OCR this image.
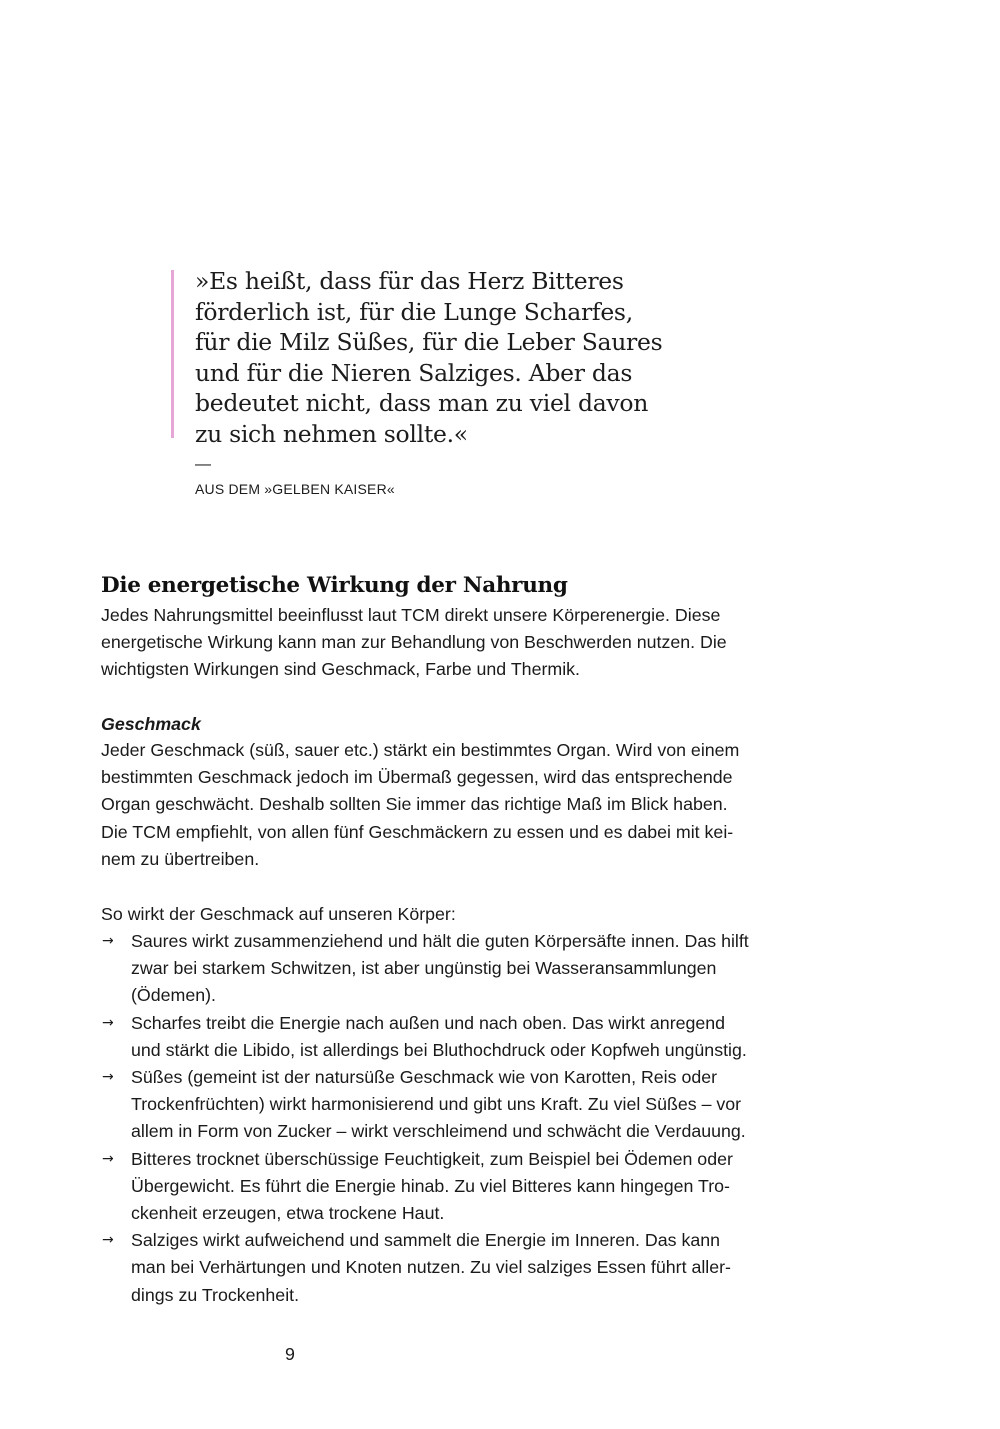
»Es heißt, dass für das Herz Bitteres
förderlich ist, für die Lunge Scharfes,
für die Milz Süßes, für die Leber Saures
und für die Nieren Salziges. Aber das
bedeutet nicht, dass man zu viel davon
zu sich nehmen sollte.«
—
AUS DEM »GELBEN KAISER«
Die energetische Wirkung der Nahrung
Jedes Nahrungsmittel beeinflusst laut TCM direkt unsere Körperenergie. Diese
energetische Wirkung kann man zur Behandlung von Beschwerden nutzen. Die
wichtigsten Wirkungen sind Geschmack, Farbe und Thermik.
Geschmack
Jeder Geschmack (süß, sauer etc.) stärkt ein bestimmtes Organ. Wird von einem
bestimmten Geschmack jedoch im Übermaß gegessen, wird das entsprechende
Organ geschwächt. Deshalb sollten Sie immer das richtige Maß im Blick haben.
Die TCM empfiehlt, von allen fünf Geschmäckern zu essen und es dabei mit kei-
nem zu übertreiben.
So wirkt der Geschmack auf unseren Körper:
→ Saures wirkt zusammenziehend und hält die guten Körpersäfte innen. Das hilft
zwar bei starkem Schwitzen, ist aber ungünstig bei Wasseransammlungen
(Ödemen).
→ Scharfes treibt die Energie nach außen und nach oben. Das wirkt anregend
und stärkt die Libido, ist allerdings bei Bluthochdruck oder Kopfweh ungünstig.
→ Süßes (gemeint ist der natursüße Geschmack wie von Karotten, Reis oder
Trockenfrüchten) wirkt harmonisierend und gibt uns Kraft. Zu viel Süßes – vor
allem in Form von Zucker – wirkt verschleimend und schwächt die Verdauung.
→ Bitteres trocknet überschüssige Feuchtigkeit, zum Beispiel bei Ödemen oder
Übergewicht. Es führt die Energie hinab. Zu viel Bitteres kann hingegen Tro-
ckenheit erzeugen, etwa trockene Haut.
→ Salziges wirkt aufweichend und sammelt die Energie im Inneren. Das kann
man bei Verhärtungen und Knoten nutzen. Zu viel salziges Essen führt aller-
dings zu Trockenheit.
9
